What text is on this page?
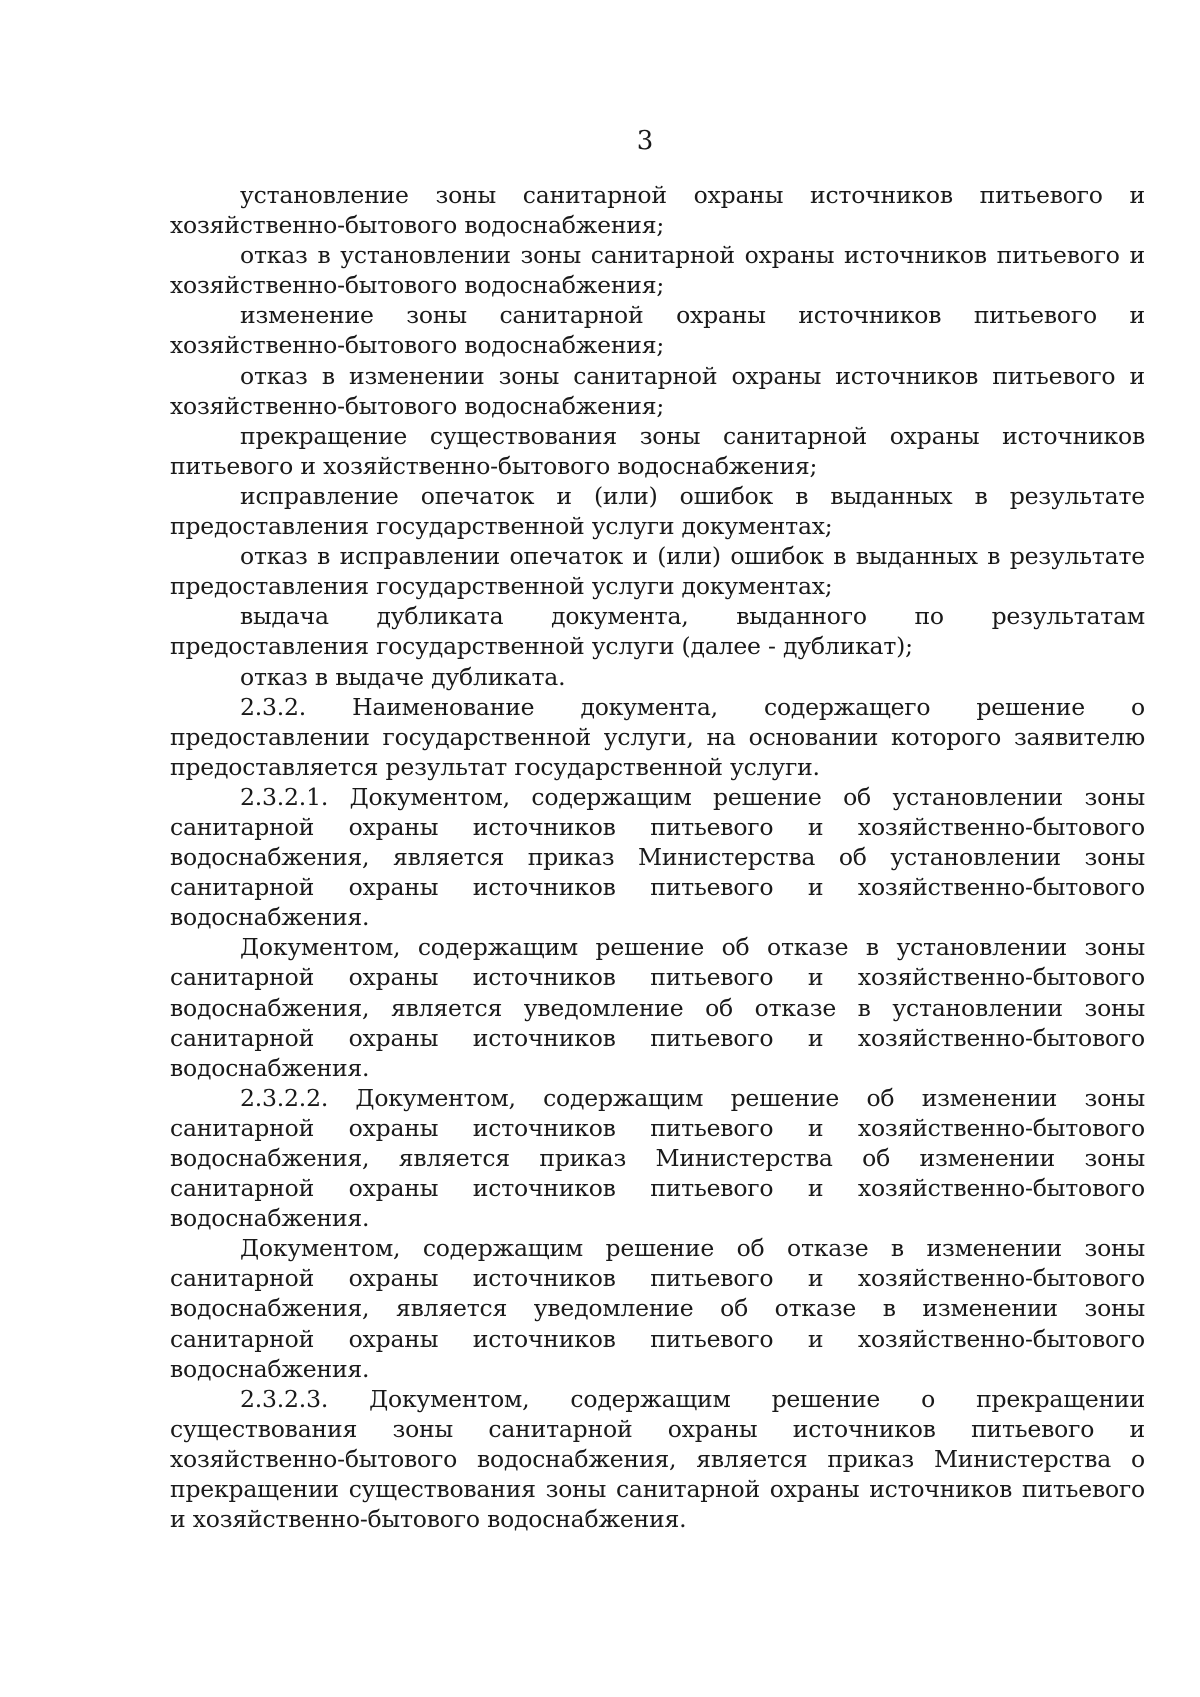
3

установление зоны санитарной охраны источников питьевого и хозяйственно-бытового водоснабжения;

отказ в установлении зоны санитарной охраны источников питьевого и хозяйственно-бытового водоснабжения;

изменение зоны санитарной охраны источников питьевого и хозяйственно-бытового водоснабжения;

отказ в изменении зоны санитарной охраны источников питьевого и хозяйственно-бытового водоснабжения;

прекращение существования зоны санитарной охраны источников питьевого и хозяйственно-бытового водоснабжения;

исправление опечаток и (или) ошибок в выданных в результате предоставления государственной услуги документах;

отказ в исправлении опечаток и (или) ошибок в выданных в результате предоставления государственной услуги документах;

выдача дубликата документа, выданного по результатам предоставления государственной услуги (далее - дубликат);

отказ в выдаче дубликата.

2.3.2. Наименование документа, содержащего решение о предоставлении государственной услуги, на основании которого заявителю предоставляется результат государственной услуги.

2.3.2.1. Документом, содержащим решение об установлении зоны санитарной охраны источников питьевого и хозяйственно-бытового водоснабжения, является приказ Министерства об установлении зоны санитарной охраны источников питьевого и хозяйственно-бытового водоснабжения.

Документом, содержащим решение об отказе в установлении зоны санитарной охраны источников питьевого и хозяйственно-бытового водоснабжения, является уведомление об отказе в установлении зоны санитарной охраны источников питьевого и хозяйственно-бытового водоснабжения.

2.3.2.2. Документом, содержащим решение об изменении зоны санитарной охраны источников питьевого и хозяйственно-бытового водоснабжения, является приказ Министерства об изменении зоны санитарной охраны источников питьевого и хозяйственно-бытового водоснабжения.

Документом, содержащим решение об отказе в изменении зоны санитарной охраны источников питьевого и хозяйственно-бытового водоснабжения, является уведомление об отказе в изменении зоны санитарной охраны источников питьевого и хозяйственно-бытового водоснабжения.

2.3.2.3. Документом, содержащим решение о прекращении существования зоны санитарной охраны источников питьевого и хозяйственно-бытового водоснабжения, является приказ Министерства о прекращении существования зоны санитарной охраны источников питьевого и хозяйственно-бытового водоснабжения.
